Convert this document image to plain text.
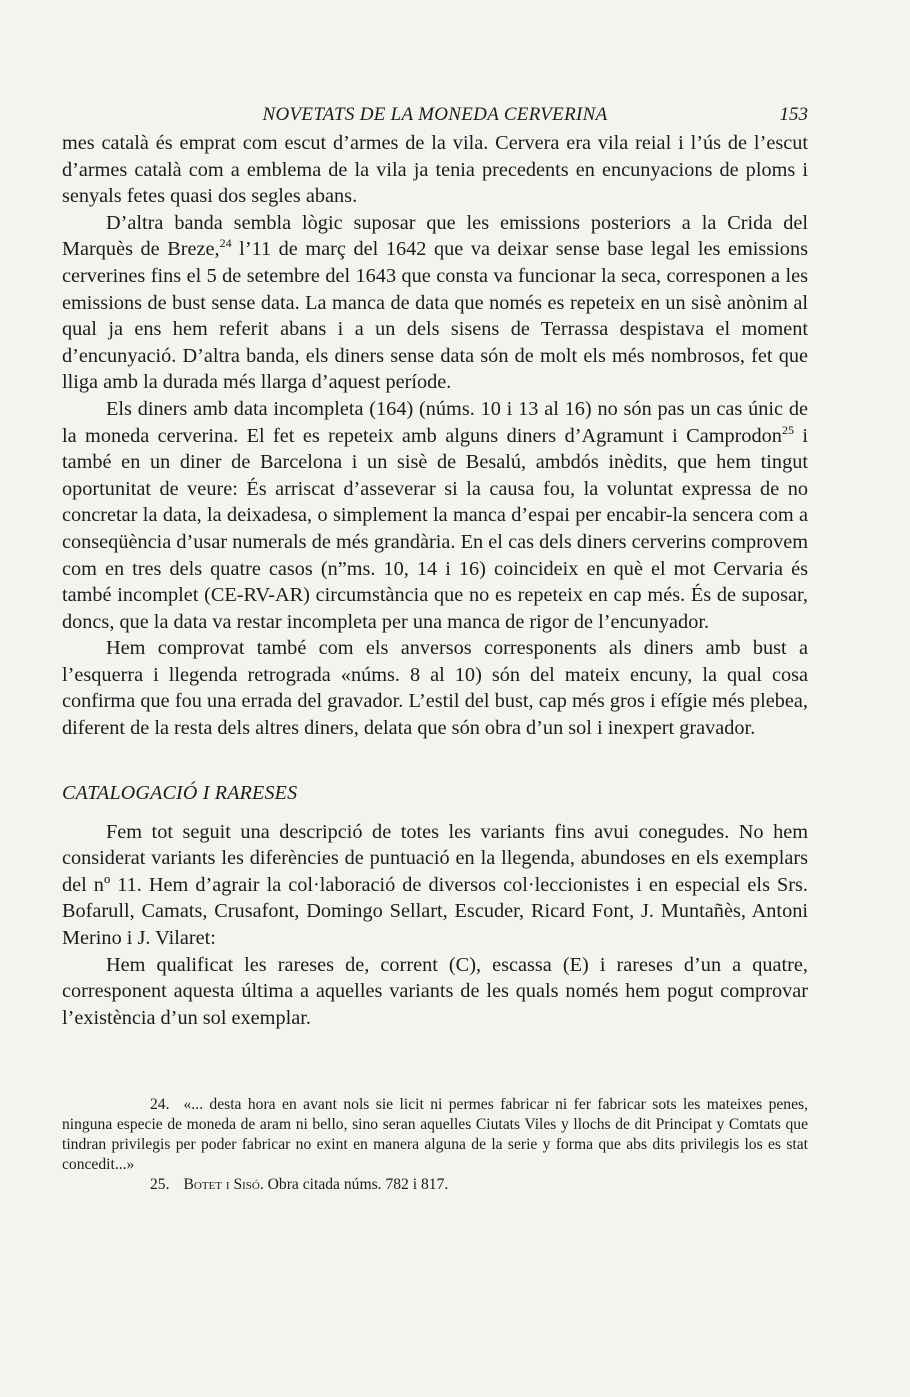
NOVETATS DE LA MONEDA CERVERINA	153

mes català és emprat com escut d’armes de la vila. Cervera era vila reial i l’ús de l’escut d’armes català com a emblema de la vila ja tenia precedents en encunyacions de ploms i senyals fetes quasi dos segles abans.

D’altra banda sembla lògic suposar que les emissions posteriors a la Crida del Marquès de Breze,$^{24}$ l’11 de març del 1642 que va deixar sense base legal les emissions cerverines fins el 5 de setembre del 1643 que consta va funcionar la seca, corresponen a les emissions de bust sense data. La manca de data que només es repeteix en un sisè anònim al qual ja ens hem referit abans i a un dels sisens de Terrassa despistava el moment d’encunyació. D’altra banda, els diners sense data són de molt els més nombrosos, fet que lliga amb la durada més llarga d’aquest període.

Els diners amb data incompleta (164) (núms. 10 i 13 al 16) no són pas un cas únic de la moneda cerverina. El fet es repeteix amb alguns diners d’Agramunt i Camprodon$^{25}$ i també en un diner de Barcelona i un sisè de Besalú, ambdós inèdits, que hem tingut oportunitat de veure: És arriscat d’asseverar si la causa fou, la voluntat expressa de no concretar la data, la deixadesa, o simplement la manca d’espai per encabir-la sencera com a conseqüència d’usar numerals de més grandària. En el cas dels diners cerverins comprovem com en tres dels quatre casos (n”ms. 10, 14 i 16) coincideix en què el mot Cervaria és també incomplet (CE-RV-AR) circumstància que no es repeteix en cap més. És de suposar, doncs, que la data va restar incompleta per una manca de rigor de l’encunyador.

Hem comprovat també com els anversos corresponents als diners amb bust a l’esquerra i llegenda retrograda «núms. 8 al 10) són del mateix encuny, la qual cosa confirma que fou una errada del gravador. L’estil del bust, cap més gros i efígie més plebea, diferent de la resta dels altres diners, delata que són obra d’un sol i inexpert gravador.

CATALOGACIÓ I RARESES

Fem tot seguit una descripció de totes les variants fins avui conegudes. No hem considerat variants les diferències de puntuació en la llegenda, abundoses en els exemplars del nº 11. Hem d’agrair la col·laboració de diversos col·leccionistes i en especial els Srs. Bofarull, Camats, Crusafont, Domingo Sellart, Escuder, Ricard Font, J. Muntañès, Antoni Merino i J. Vilaret:

Hem qualificat les rareses de, corrent (C), escassa (E) i rareses d’un a quatre, corresponent aquesta última a aquelles variants de les quals només hem pogut comprovar l’existència d’un sol exemplar.

24. «... desta hora en avant nols sie licit ni permes fabricar ni fer fabricar sots les mateixes penes, ninguna especie de moneda de aram ni bello, sino seran aquelles Ciutats Viles y llochs de dit Principat y Comtats que tindran privilegis per poder fabricar no exint en manera alguna de la serie y forma que abs dits privilegis los es stat concedit...»

25. Botet i Sisó. Obra citada núms. 782 i 817.
